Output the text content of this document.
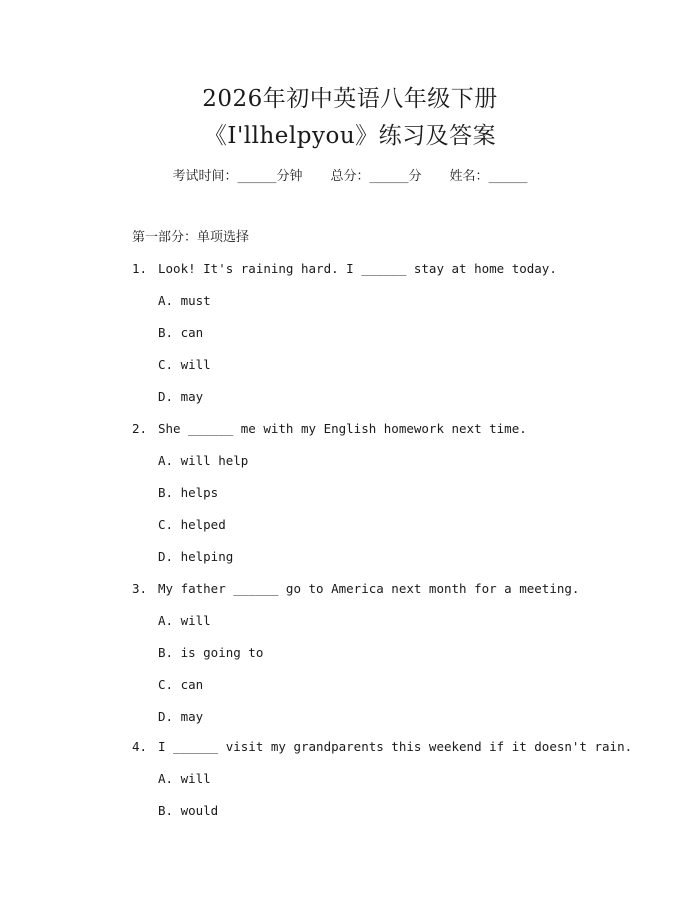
2026年初中英语八年级下册
《I'llhelpyou》练习及答案
考试时间：______分钟 总分：______分 姓名：______
第一部分：单项选择
1. Look! It's raining hard. I ______ stay at home today.
A. must
B. can
C. will
D. may
2. She ______ me with my English homework next time.
A. will help
B. helps
C. helped
D. helping
3. My father ______ go to America next month for a meeting.
A. will
B. is going to
C. can
D. may
4. I ______ visit my grandparents this weekend if it doesn't rain.
A. will
B. would
